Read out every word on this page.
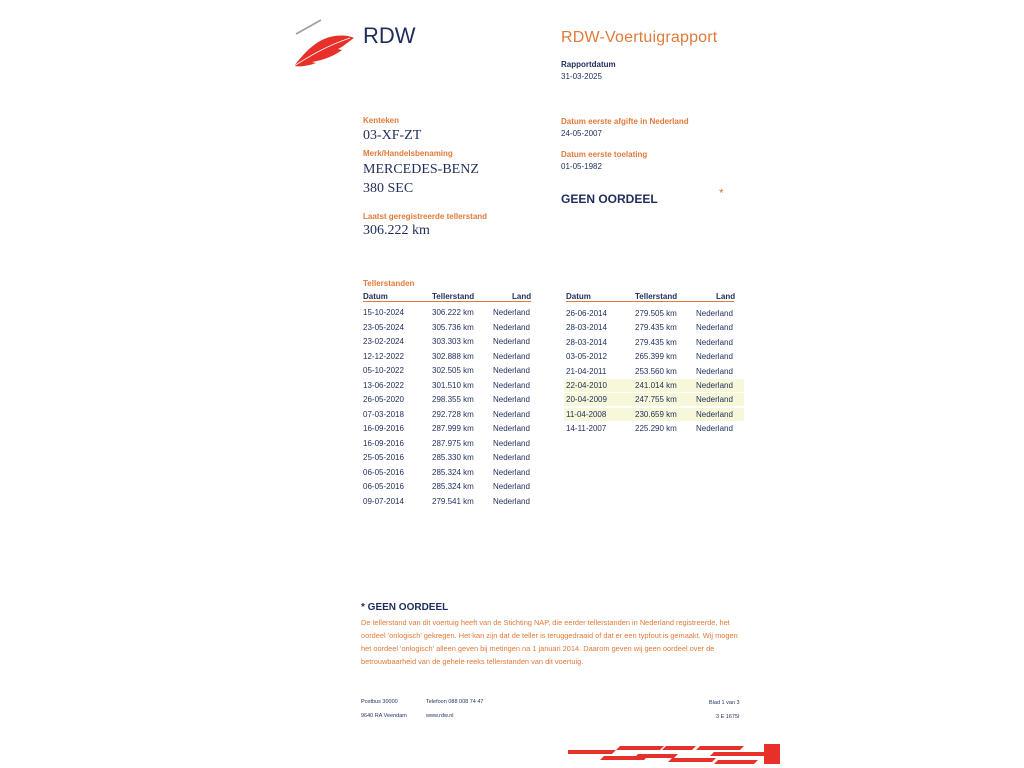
RDW	RDW-Voertuigrapport
Rapportdatum
31-03-2025
Kenteken
03-XF-ZT
Merk/Handelsbenaming
MERCEDES-BENZ
380 SEC
Laatst geregistreerde tellerstand
306.222 km
Datum eerste afgifte in Nederland
24-05-2007
Datum eerste toelating
01-05-1982
GEEN OORDEEL	*
Tellerstanden
Datum	Tellerstand	Land
15-10-2024	306.222 km Nederland
23-05-2024	305.736 km Nederland
23-02-2024	303.303 km Nederland
12-12-2022	302.888 km Nederland
05-10-2022	302.505 km Nederland
13-06-2022	301.510 km Nederland
26-05-2020	298.355 km Nederland
07-03-2018	292.728 km Nederland
16-09-2016	287.999 km Nederland
16-09-2016	287.975 km Nederland
25-05-2016	285.330 km Nederland
06-05-2016	285.324 km Nederland
06-05-2016	285.324 km Nederland
09-07-2014	279.541 km Nederland
Datum	Tellerstand	Land
26-06-2014	279.505 km Nederland
28-03-2014	279.435 km Nederland
28-03-2014	279.435 km Nederland
03-05-2012	265.399 km Nederland
21-04-2011	253.560 km Nederland
22-04-2010	241.014 km Nederland
20-04-2009	247.755 km Nederland
11-04-2008	230.659 km Nederland
14-11-2007	225.290 km Nederland
* GEEN OORDEEL
De tellerstand van dit voertuig heeft van de Stichting NAP, die eerder tellerstanden in Nederland registreerde, het oordeel 'onlogisch' gekregen. Het kan zijn dat de teller is teruggedraaid of dat er een typfout is gemaakt. Wij mogen het oordeel 'onlogisch' alleen geven bij metingen na 1 januari 2014. Daarom geven wij geen oordeel over de betrouwbaarheid van de gehele reeks tellerstanden van dit voertuig.
Postbus 30000
9640 RA Veendam
Telefoon 088 008 74 47
www.rdw.nl
Blad 1 van 3
3 E 1675l
